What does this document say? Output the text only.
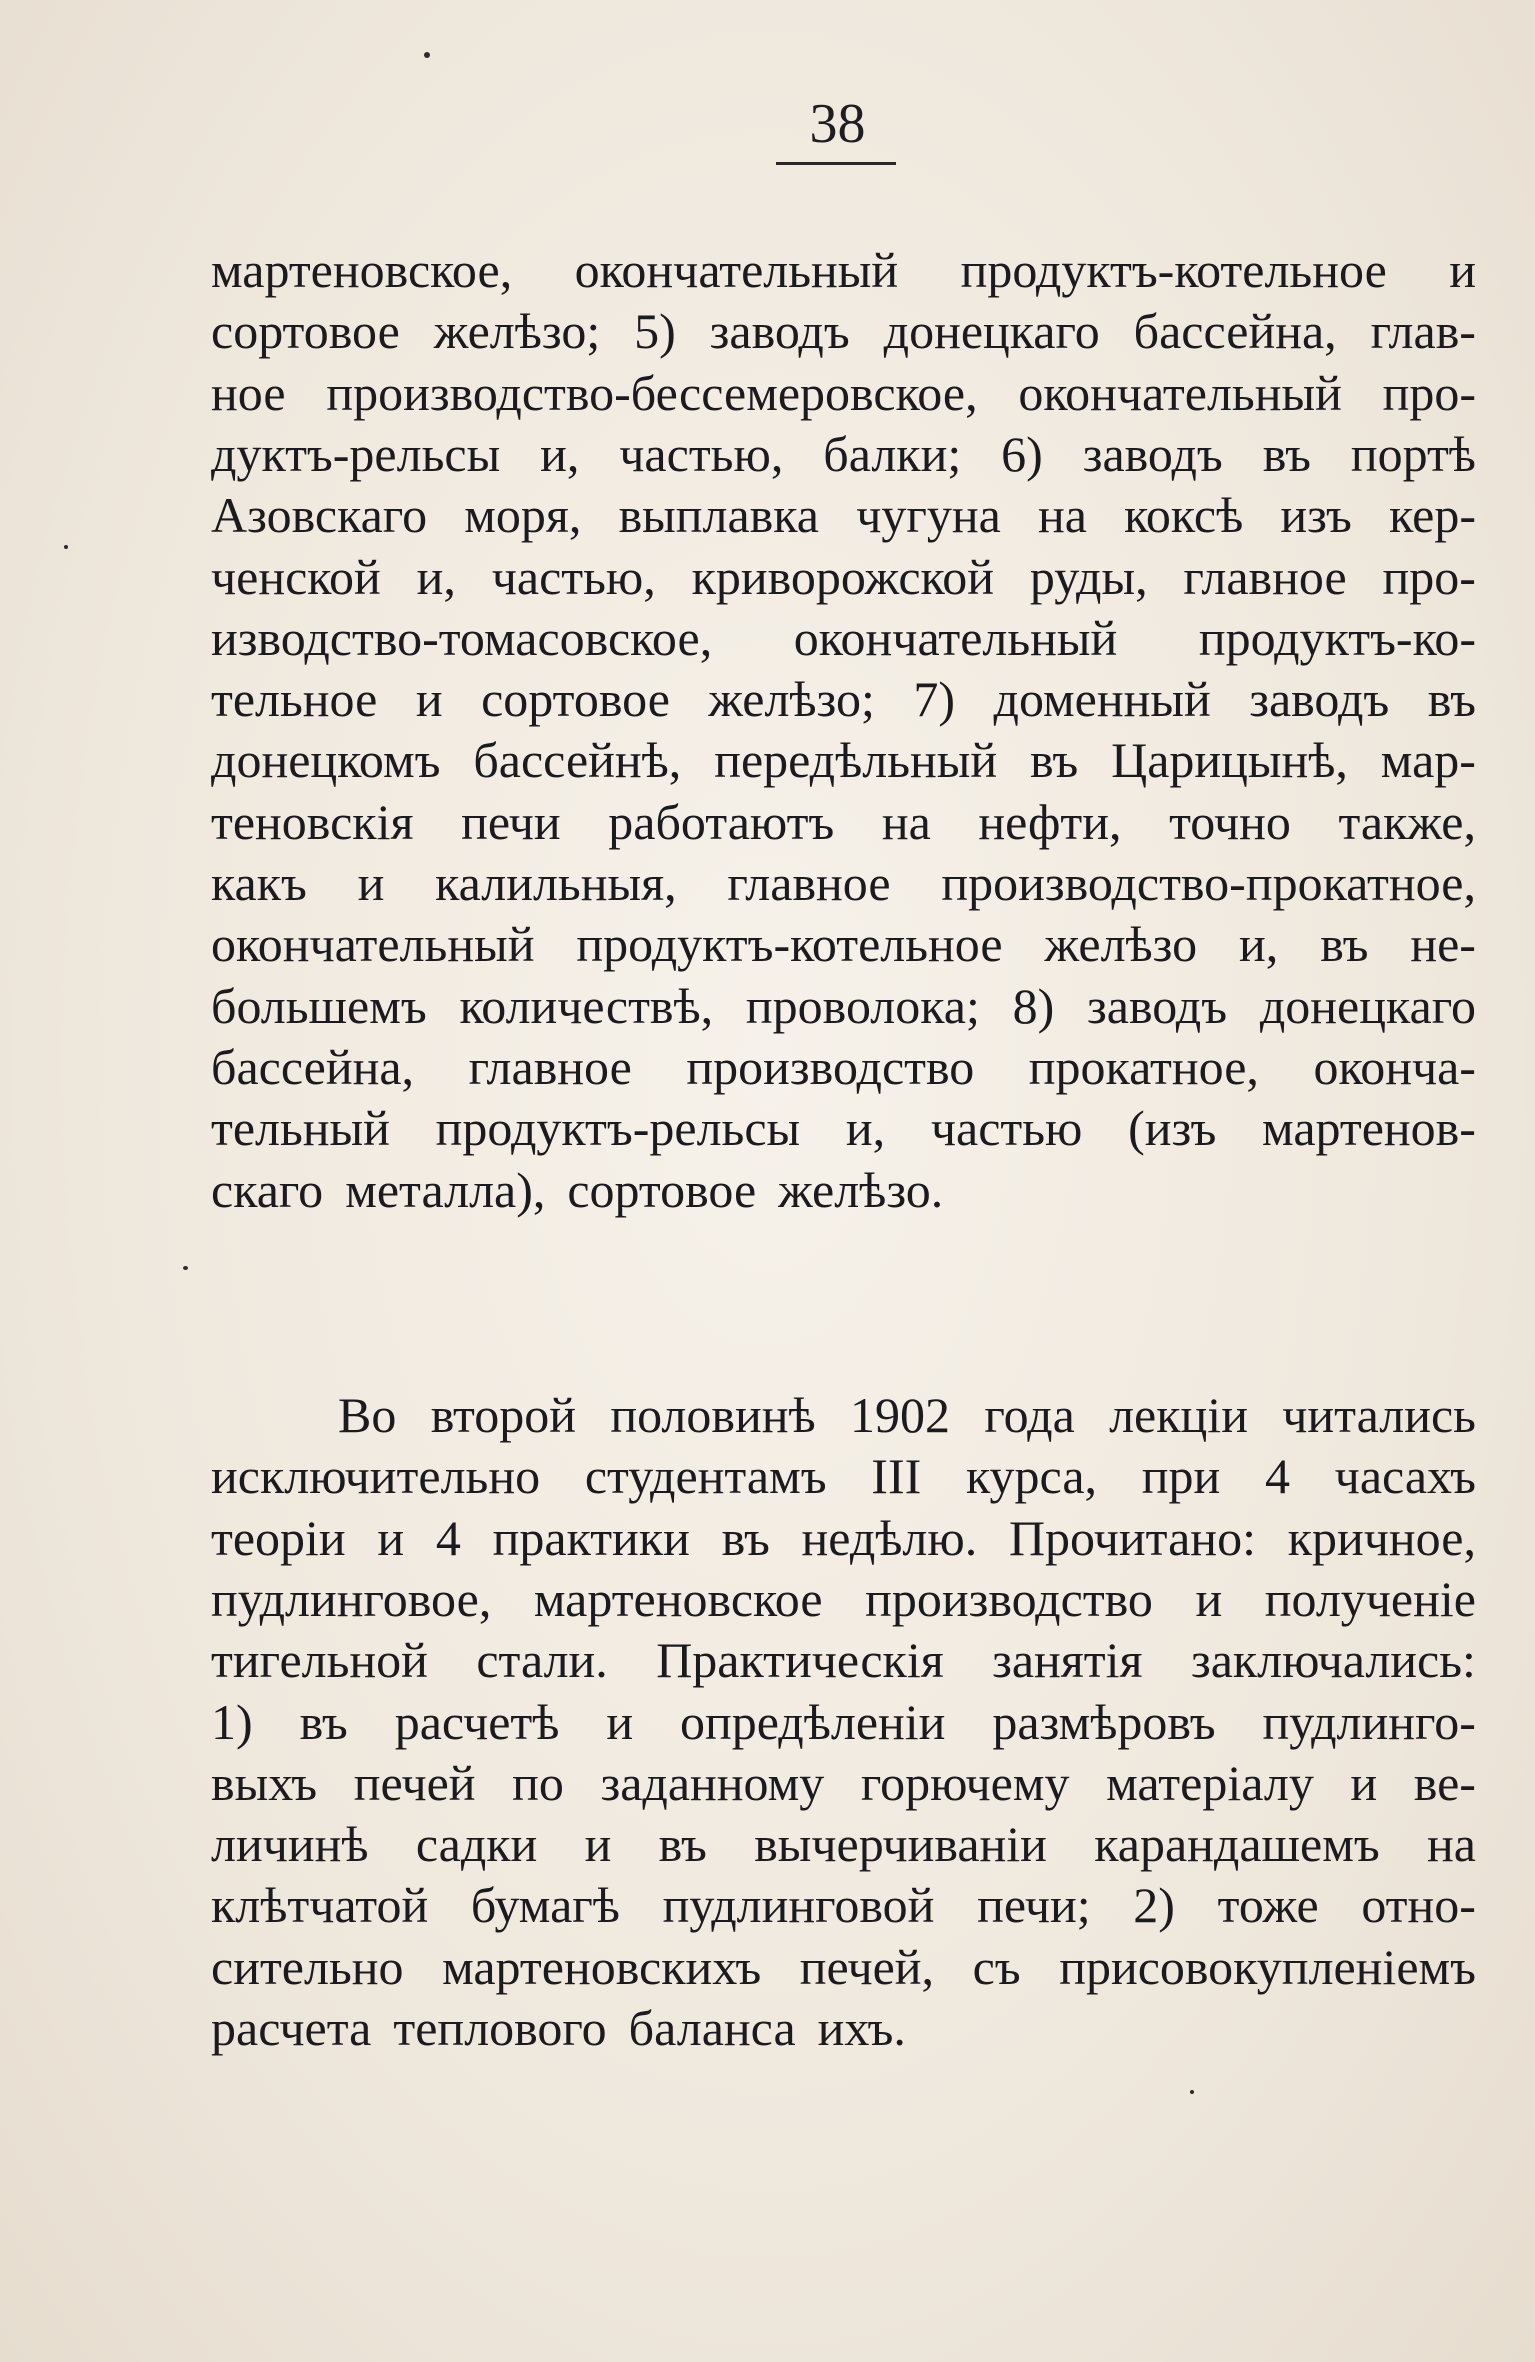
38
мартеновское, окончательный продуктъ-котельное и
сортовое желѣзо; 5) заводъ донецкаго бассейна, глав-
ное производство-бессемеровское, окончательный про-
дуктъ-рельсы и, частью, балки; 6) заводъ въ портѣ
Азовскаго моря, выплавка чугуна на коксѣ изъ кер-
ченской и, частью, криворожской руды, главное про-
изводство-томасовское, окончательный продуктъ-ко-
тельное и сортовое желѣзо; 7) доменный заводъ въ
донецкомъ бассейнѣ, передѣльный въ Царицынѣ, мар-
теновскія печи работаютъ на нефти, точно также,
какъ и калильныя, главное производство-прокатное,
окончательный продуктъ-котельное желѣзо и, въ не-
большемъ количествѣ, проволока; 8) заводъ донецкаго
бассейна, главное производство прокатное, оконча-
тельный продуктъ-рельсы и, частью (изъ мартенов-
скаго металла), сортовое желѣзо.
Во второй половинѣ 1902 года лекціи читались
исключительно студентамъ III курса, при 4 часахъ
теоріи и 4 практики въ недѣлю. Прочитано: кричное,
пудлинговое, мартеновское производство и полученіе
тигельной стали. Практическія занятія заключались:
1) въ расчетѣ и опредѣленіи размѣровъ пудлинго-
выхъ печей по заданному горючему матеріалу и ве-
личинѣ садки и въ вычерчиваніи карандашемъ на
клѣтчатой бумагѣ пудлинговой печи; 2) тоже отно-
сительно мартеновскихъ печей, съ присовокупленіемъ
расчета теплового баланса ихъ.
